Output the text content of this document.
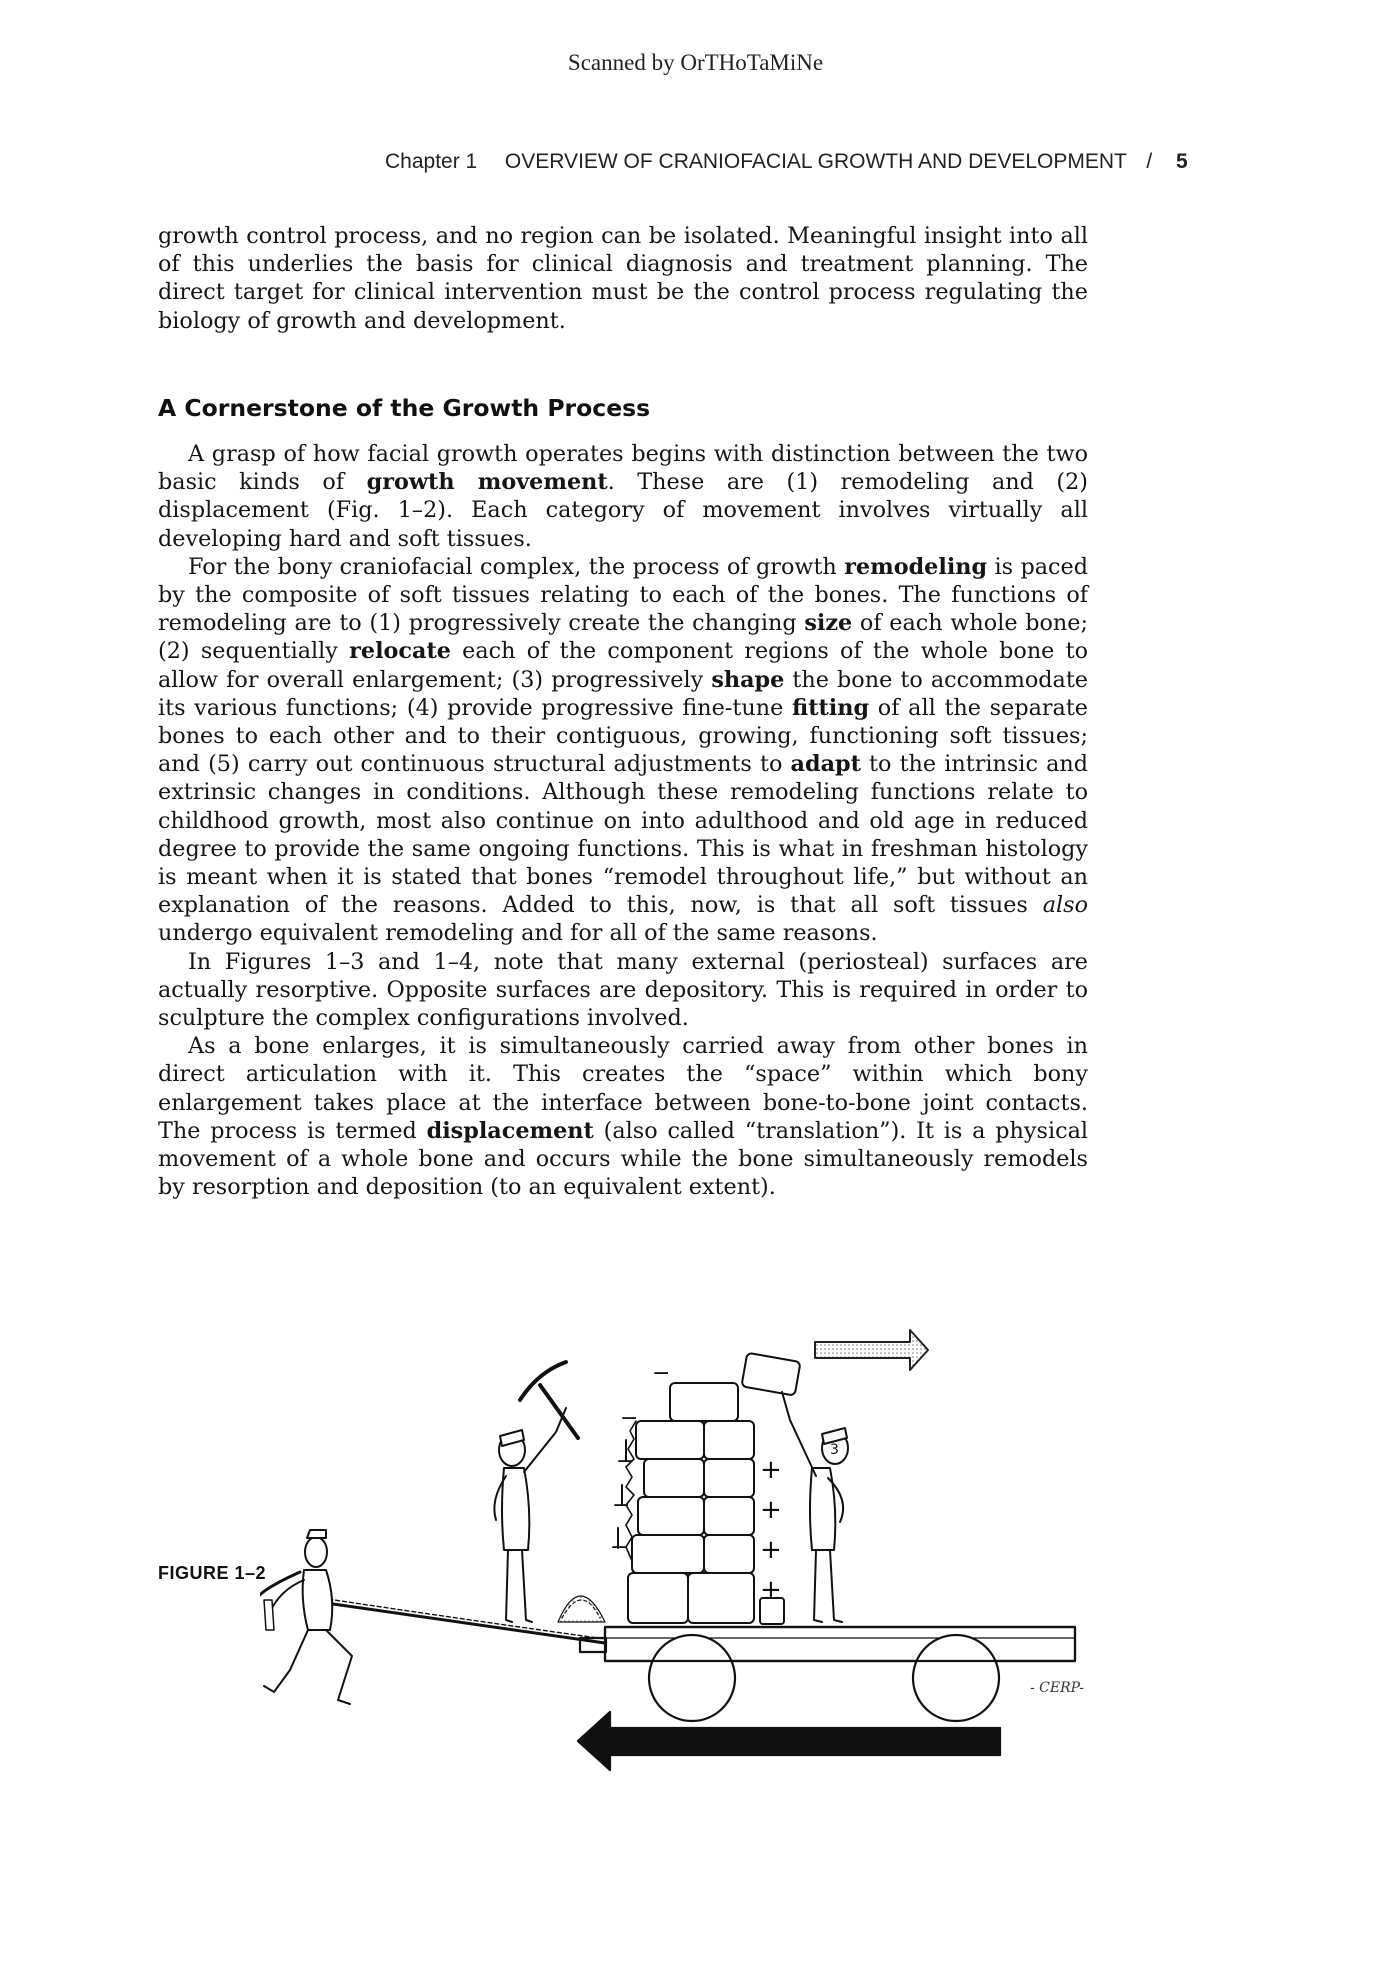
Scanned by OrTHoTaMiNe
Chapter 1 OVERVIEW OF CRANIOFACIAL GROWTH AND DEVELOPMENT / 5

growth control process, and no region can be isolated. Meaningful insight into all of this underlies the basis for clinical diagnosis and treatment planning. The direct target for clinical intervention must be the control process regulating the biology of growth and development.

A Cornerstone of the Growth Process

A grasp of how facial growth operates begins with distinction between the two basic kinds of growth movement. These are (1) remodeling and (2) displacement (Fig. 1–2). Each category of movement involves virtually all developing hard and soft tissues.

For the bony craniofacial complex, the process of growth remodeling is paced by the composite of soft tissues relating to each of the bones. The functions of remodeling are to (1) progressively create the changing size of each whole bone; (2) sequentially relocate each of the component regions of the whole bone to allow for overall enlargement; (3) progressively shape the bone to accommodate its various functions; (4) provide progressive fine-tune fitting of all the separate bones to each other and to their contiguous, growing, functioning soft tissues; and (5) carry out continuous structural adjustments to adapt to the intrinsic and extrinsic changes in conditions. Although these remodeling functions relate to childhood growth, most also continue on into adulthood and old age in reduced degree to provide the same ongoing functions. This is what in freshman histology is meant when it is stated that bones “remodel throughout life,” but without an explanation of the reasons. Added to this, now, is that all soft tissues also undergo equivalent remodeling and for all of the same reasons.

In Figures 1–3 and 1–4, note that many external (periosteal) surfaces are actually resorptive. Opposite surfaces are depository. This is required in order to sculpture the complex configurations involved.

As a bone enlarges, it is simultaneously carried away from other bones in direct articulation with it. This creates the “space” within which bony enlargement takes place at the interface between bone-to-bone joint contacts. The process is termed displacement (also called “translation”). It is a physical movement of a whole bone and occurs while the bone simultaneously remodels by resorption and deposition (to an equivalent extent).

FIGURE 1–2
−
−
−
−
−
+
+
+
+
3
- CERP-
